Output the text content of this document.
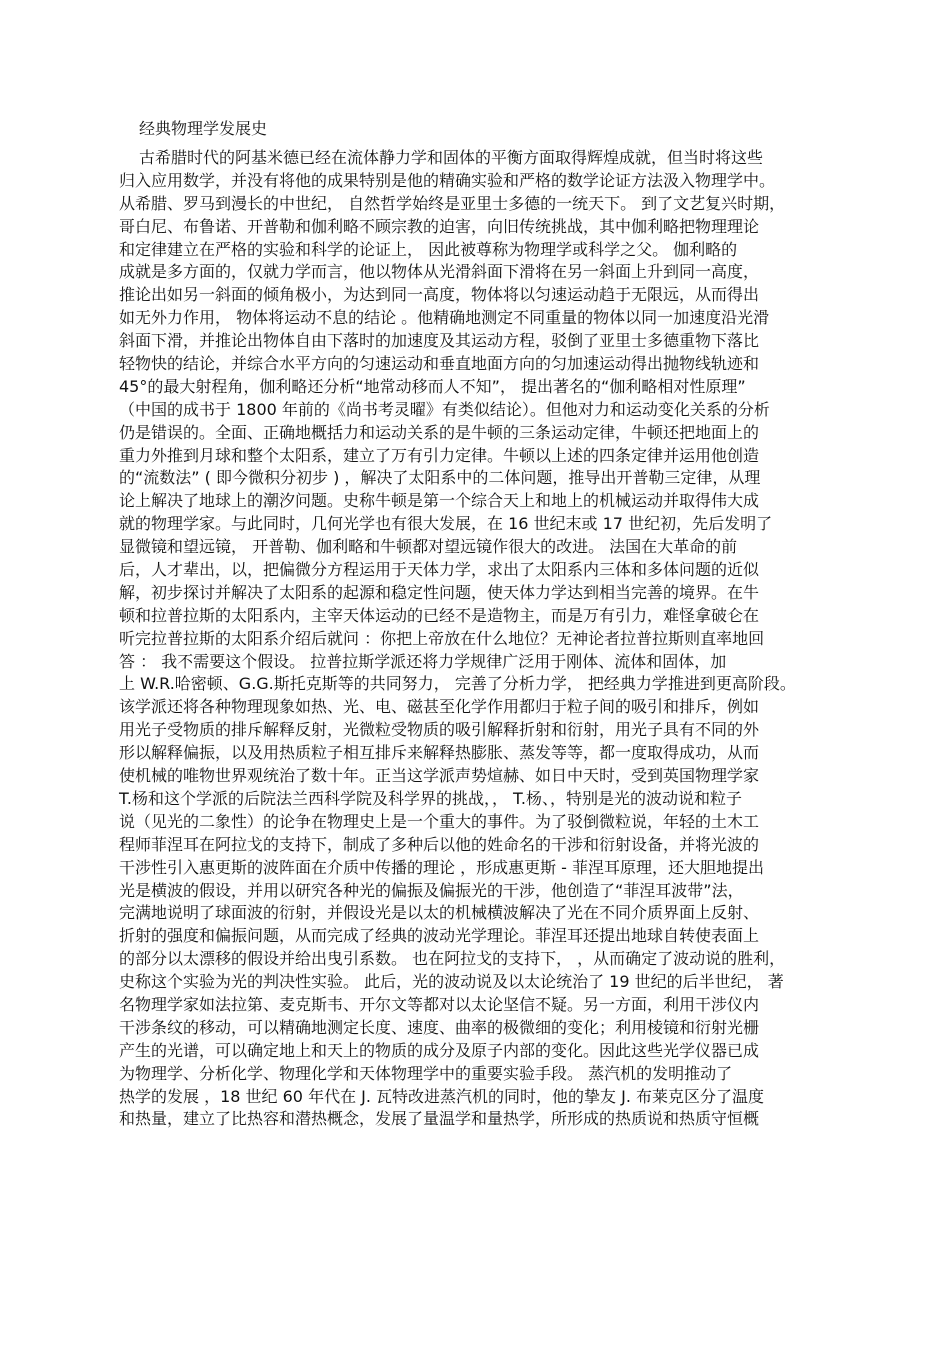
经典物理学发展史
古希腊时代的阿基米德已经在流体静力学和固体的平衡方面取得辉煌成就，但当时将这些
归入应用数学，并没有将他的成果特别是他的精确实验和严格的数学论证方法汲入物理学中。
从希腊、罗马到漫长的中世纪， 自然哲学始终是亚里士多德的一统天下。 到了文艺复兴时期，
哥白尼、布鲁诺、开普勒和伽利略不顾宗教的迫害，向旧传统挑战，其中伽利略把物理理论
和定律建立在严格的实验和科学的论证上， 因此被尊称为物理学或科学之父。 伽利略的
成就是多方面的，仅就力学而言，他以物体从光滑斜面下滑将在另一斜面上升到同一高度，
推论出如另一斜面的倾角极小，为达到同一高度，物体将以匀速运动趋于无限远，从而得出
如无外力作用， 物体将运动不息的结论 。他精确地测定不同重量的物体以同一加速度沿光滑
斜面下滑，并推论出物体自由下落时的加速度及其运动方程，驳倒了亚里士多德重物下落比
轻物快的结论，并综合水平方向的匀速运动和垂直地面方向的匀加速运动得出抛物线轨迹和
45°的最大射程角，伽利略还分析“地常动移而人不知”， 提出著名的“伽利略相对性原理”
（中国的成书于 1800 年前的《尚书考灵曜》有类似结论）。但他对力和运动变化关系的分析
仍是错误的。全面、正确地概括力和运动关系的是牛顿的三条运动定律，牛顿还把地面上的
重力外推到月球和整个太阳系，建立了万有引力定律。牛顿以上述的四条定律并运用他创造
的“流数法” ( 即今微积分初步 ) ，解决了太阳系中的二体问题，推导出开普勒三定律，从理
论上解决了地球上的潮汐问题。史称牛顿是第一个综合天上和地上的机械运动并取得伟大成
就的物理学家。与此同时，几何光学也有很大发展，在 16 世纪末或 17 世纪初，先后发明了
显微镜和望远镜， 开普勒、伽利略和牛顿都对望远镜作很大的改进。 法国在大革命的前
后，人才辈出，以，把偏微分方程运用于天体力学，求出了太阳系内三体和多体问题的近似
解，初步探讨并解决了太阳系的起源和稳定性问题，使天体力学达到相当完善的境界。在牛
顿和拉普拉斯的太阳系内，主宰天体运动的已经不是造物主，而是万有引力，难怪拿破仑在
听完拉普拉斯的太阳系介绍后就问 ：你把上帝放在什么地位？无神论者拉普拉斯则直率地回
答 ： 我不需要这个假设。 拉普拉斯学派还将力学规律广泛用于刚体、流体和固体，加
上 W.R.哈密顿、G.G.斯托克斯等的共同努力， 完善了分析力学， 把经典力学推进到更高阶段。
该学派还将各种物理现象如热、光、电、磁甚至化学作用都归于粒子间的吸引和排斥，例如
用光子受物质的排斥解释反射，光微粒受物质的吸引解释折射和衍射，用光子具有不同的外
形以解释偏振，以及用热质粒子相互排斥来解释热膨胀、蒸发等等，都一度取得成功，从而
使机械的唯物世界观统治了数十年。正当这学派声势煊赫、如日中天时，受到英国物理学家
T.杨和这个学派的后院法兰西科学院及科学界的挑战，， T.杨、，特别是光的波动说和粒子
说（见光的二象性）的论争在物理史上是一个重大的事件。为了驳倒微粒说，年轻的土木工
程师菲涅耳在阿拉戈的支持下，制成了多种后以他的姓命名的干涉和衍射设备，并将光波的
干涉性引入惠更斯的波阵面在介质中传播的理论 ，形成惠更斯 - 菲涅耳原理，还大胆地提出
光是横波的假设，并用以研究各种光的偏振及偏振光的干涉，他创造了“菲涅耳波带”法，
完满地说明了球面波的衍射，并假设光是以太的机械横波解决了光在不同介质界面上反射、
折射的强度和偏振问题，从而完成了经典的波动光学理论。菲涅耳还提出地球自转使表面上
的部分以太漂移的假设并给出曳引系数。 也在阿拉戈的支持下， ，从而确定了波动说的胜利，
史称这个实验为光的判决性实验。 此后，光的波动说及以太论统治了 19 世纪的后半世纪， 著
名物理学家如法拉第、麦克斯韦、开尔文等都对以太论坚信不疑。另一方面，利用干涉仪内
干涉条纹的移动，可以精确地测定长度、速度、曲率的极微细的变化；利用棱镜和衍射光栅
产生的光谱，可以确定地上和天上的物质的成分及原子内部的变化。因此这些光学仪器已成
为物理学、分析化学、物理化学和天体物理学中的重要实验手段。 蒸汽机的发明推动了
热学的发展 ，18 世纪 60 年代在 J. 瓦特改进蒸汽机的同时，他的挚友 J. 布莱克区分了温度
和热量，建立了比热容和潜热概念，发展了量温学和量热学，所形成的热质说和热质守恒概
